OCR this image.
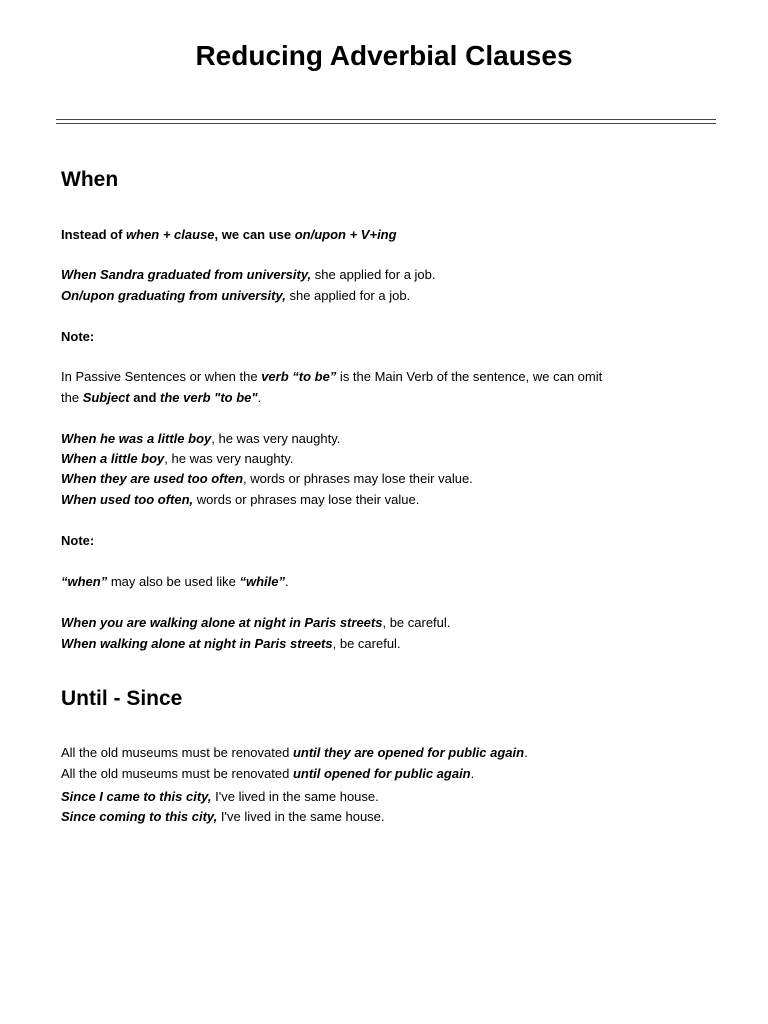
Reducing Adverbial Clauses
When
Instead of when + clause, we can use on/upon + V+ing
When Sandra graduated from university, she applied for a job.
On/upon graduating from university, she applied for a job.
Note:
In Passive Sentences or when the verb “to be” is the Main Verb of the sentence, we can omit
the Subject and the verb "to be".
When he was a little boy, he was very naughty.
When a little boy, he was very naughty.
When they are used too often, words or phrases may lose their value.
When used too often, words or phrases may lose their value.
Note:
“when” may also be used like “while”.
When you are walking alone at night in Paris streets, be careful.
When walking alone at night in Paris streets, be careful.
Until - Since
All the old museums must be renovated until they are opened for public again.
All the old museums must be renovated until opened for public again.
Since I came to this city, I've lived in the same house.
Since coming to this city, I've lived in the same house.
